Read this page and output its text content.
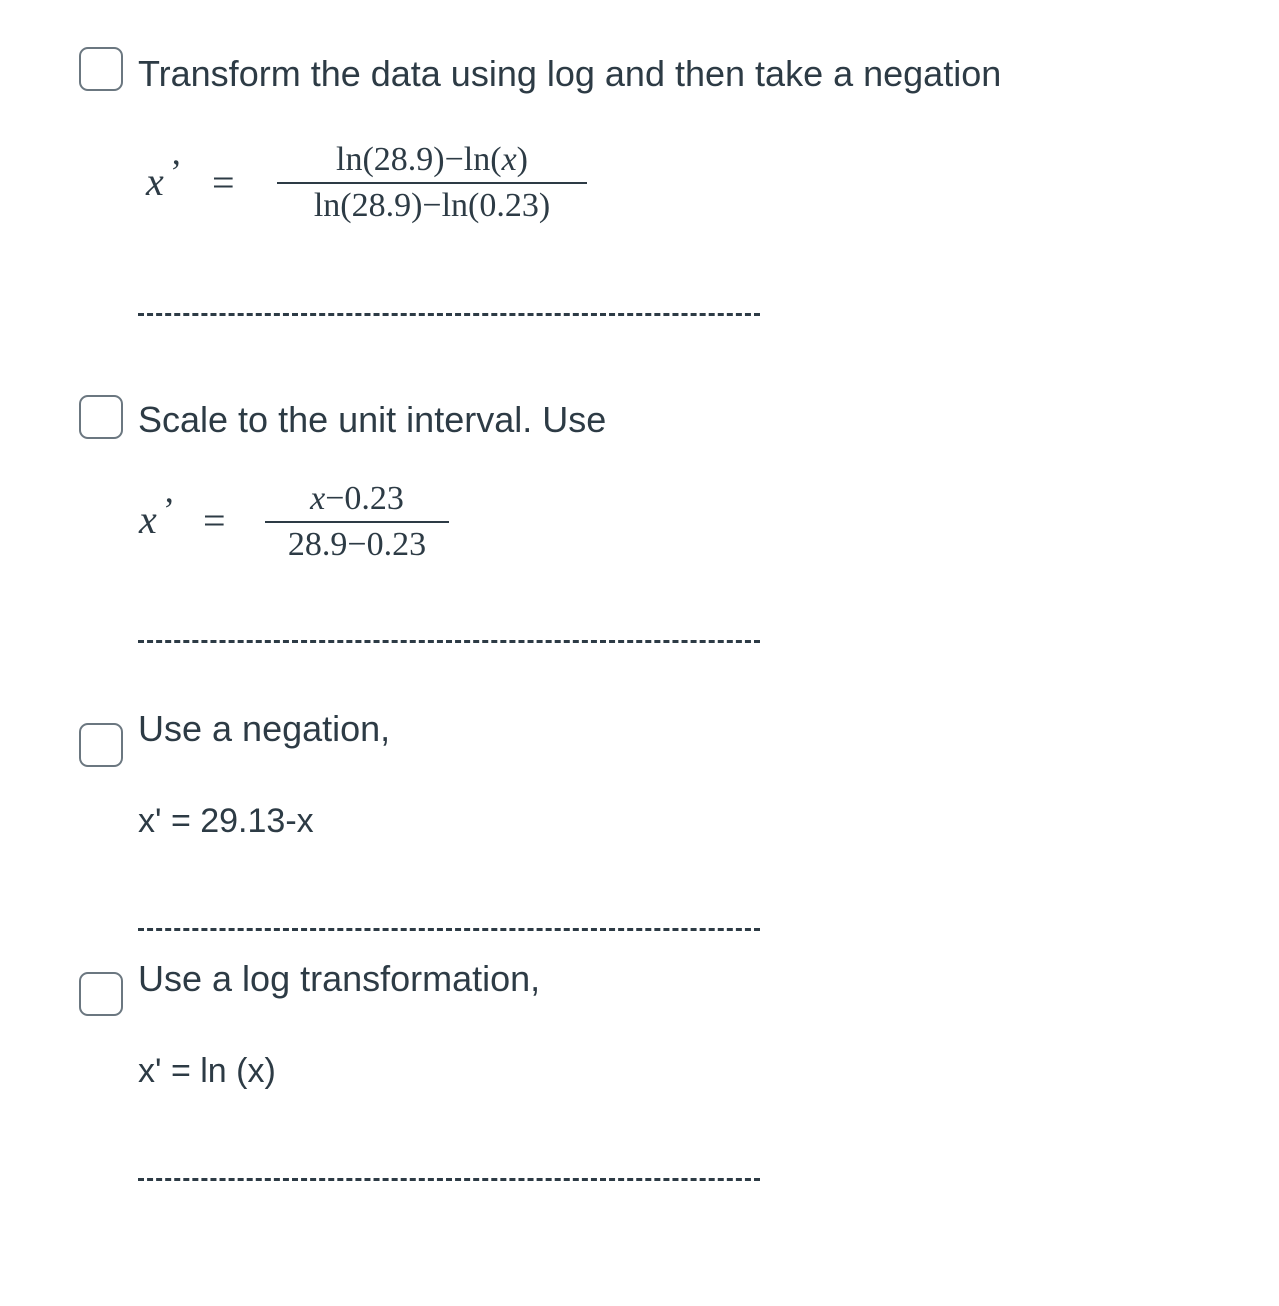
Transform the data using log and then take a negation
x ’ =
ln(28.9)−ln(x)
ln(28.9)−ln(0.23)
Scale to the unit interval. Use
x ’ = x−0.23
28.9−0.23
Use a negation,
x' = 29.13-x
Use a log transformation,
x' = ln (x)
